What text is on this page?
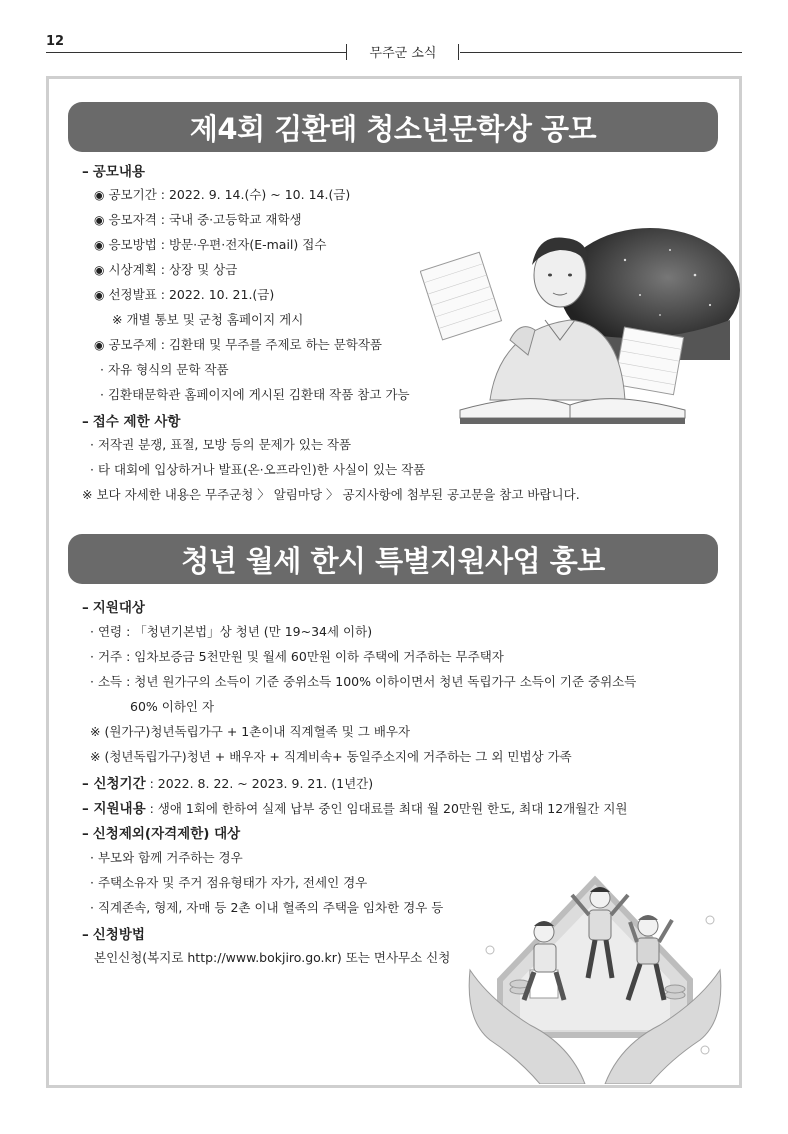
12
무주군 소식
제4회 김환태 청소년문학상 공모
– 공모내용
◉ 공모기간 : 2022. 9. 14.(수) ~ 10. 14.(금)
◉ 응모자격 : 국내 중·고등학교 재학생
◉ 응모방법 : 방문·우편·전자(E-mail) 접수
◉ 시상계획 : 상장 및 상금
◉ 선정발표 : 2022. 10. 21.(금)
※ 개별 통보 및 군청 홈페이지 게시
◉ 공모주제 : 김환태 및 무주를 주제로 하는 문학작품
· 자유 형식의 문학 작품
· 김환태문학관 홈페이지에 게시된 김환태 작품 참고 가능
– 접수 제한 사항
· 저작권 분쟁, 표절, 모방 등의 문제가 있는 작품
· 타 대회에 입상하거나 발표(온·오프라인)한 사실이 있는 작품
※ 보다 자세한 내용은 무주군청 〉 알림마당 〉 공지사항에 첨부된 공고문을 참고 바랍니다.
청년 월세 한시 특별지원사업 홍보
– 지원대상
· 연령 : 「청년기본법」상 청년 (만 19~34세 이하)
· 거주 : 임차보증금 5천만원 및 월세 60만원 이하 주택에 거주하는 무주택자
· 소득 : 청년 원가구의 소득이 기준 중위소득 100% 이하이면서 청년 독립가구 소득이 기준 중위소득
60% 이하인 자
※ (원가구)청년독립가구 + 1촌이내 직계혈족 및 그 배우자
※ (청년독립가구)청년 + 배우자 + 직계비속+ 동일주소지에 거주하는 그 외 민법상 가족
– 신청기간 : 2022. 8. 22. ~ 2023. 9. 21. (1년간)
– 지원내용 : 생애 1회에 한하여 실제 납부 중인 임대료를 최대 월 20만원 한도, 최대 12개월간 지원
– 신청제외(자격제한) 대상
· 부모와 함께 거주하는 경우
· 주택소유자 및 주거 점유형태가 자가, 전세인 경우
· 직계존속, 형제, 자매 등 2촌 이내 혈족의 주택을 임차한 경우 등
– 신청방법
본인신청(복지로 http://www.bokjiro.go.kr) 또는 면사무소 신청
